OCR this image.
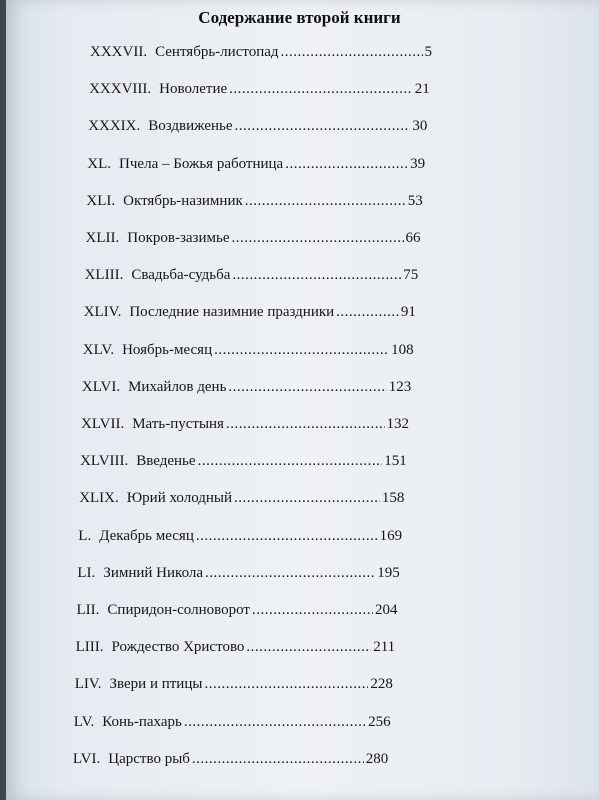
Содержание второй книги
XXXVII. Сентябрь-листопад .....	5
XXXVIII. Новолетие .....	21
XXXIX. Воздвиженье .....	30
XL. Пчела – Божья работница .....	39
XLI. Октябрь-назимник .....	53
XLII. Покров-зазимье .....	66
XLIII. Свадьба-судьба .....	75
XLIV. Последние назимние праздники .....	91
XLV. Ноябрь-месяц .....	108
XLVI. Михайлов день .....	123
XLVII. Мать-пустыня .....	132
XLVIII. Введенье .....	151
XLIX. Юрий холодный .....	158
L. Декабрь месяц .....	169
LI. Зимний Никола .....	195
LII. Спиридон-солноворот .....	204
LIII. Рождество Христово .....	211
LIV. Звери и птицы .....	228
LV. Конь-пахарь .....	256
LVI. Царство рыб .....	280
